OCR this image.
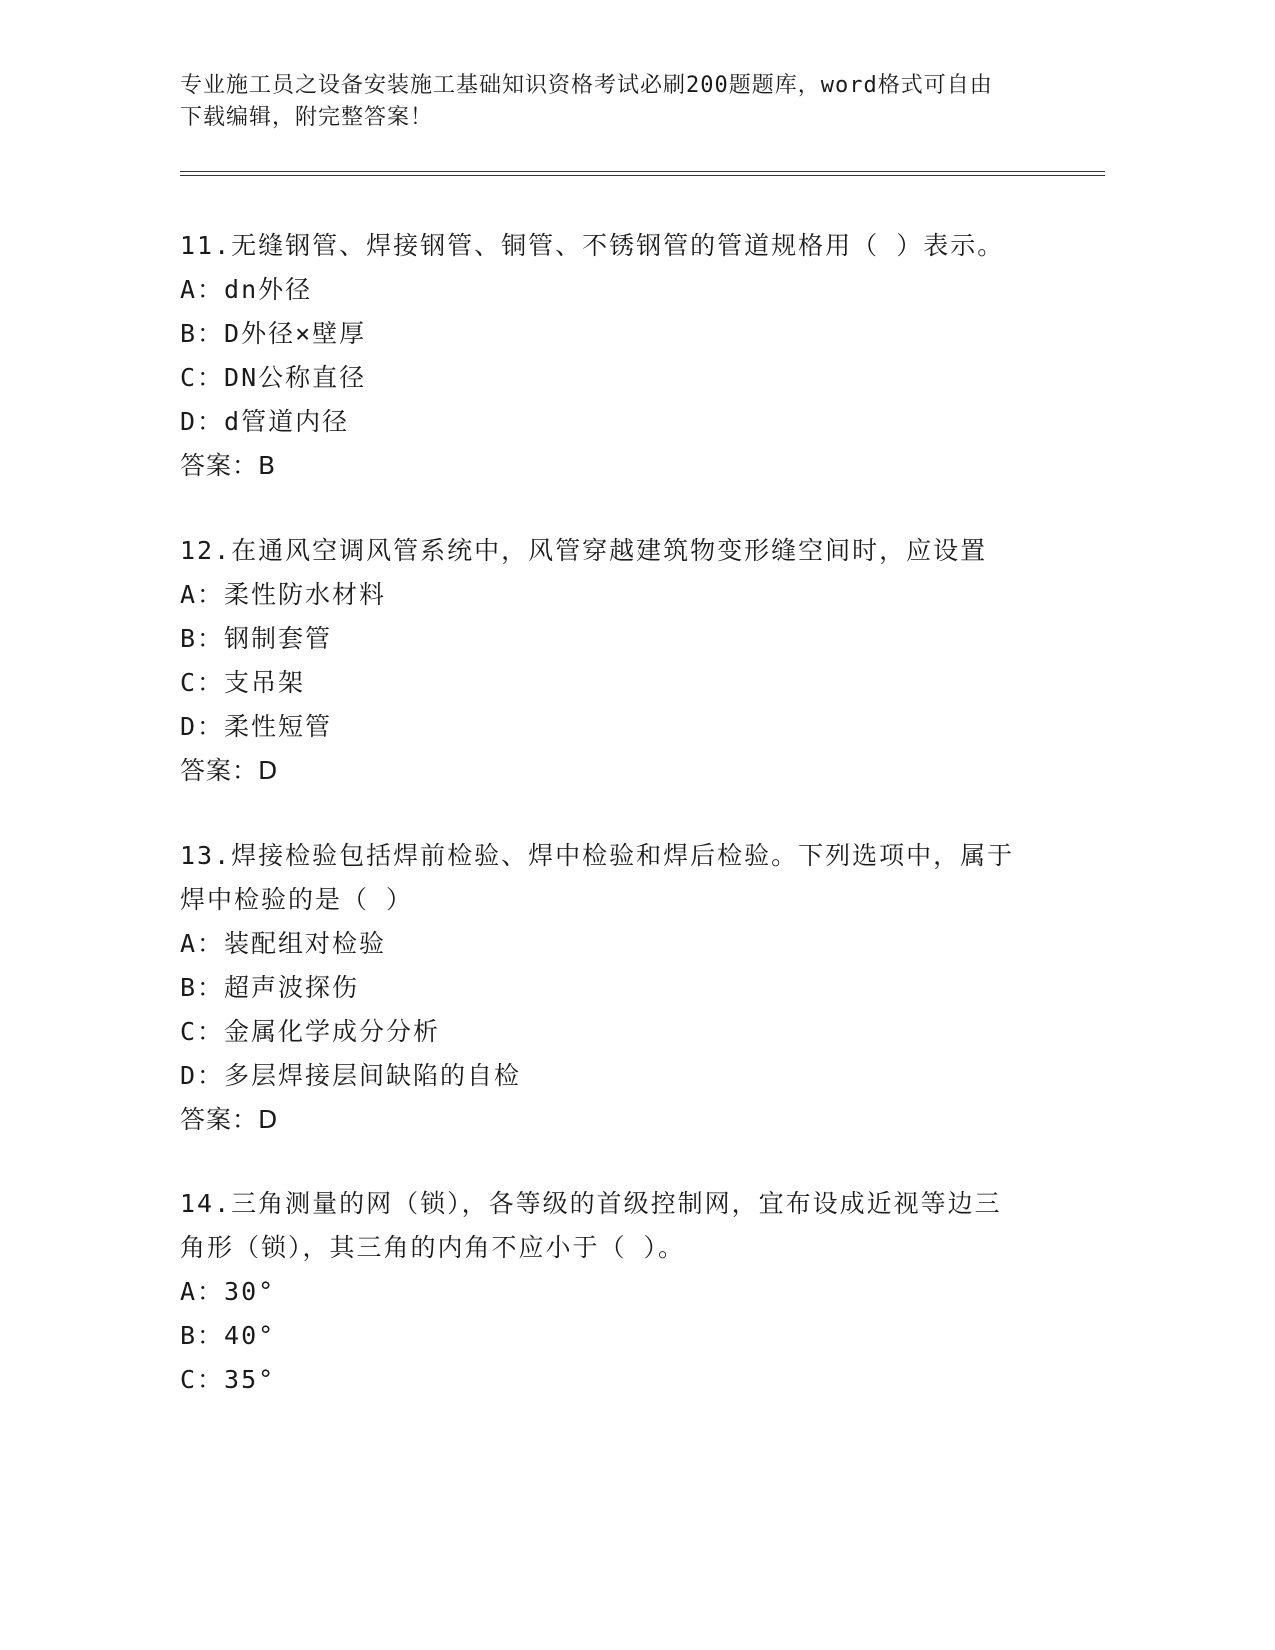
专业施工员之设备安装施工基础知识资格考试必刷200题题库，word格式可自由
下载编辑，附完整答案！

11.无缝钢管、焊接钢管、铜管、不锈钢管的管道规格用（ ）表示。

A：dn外径

B：D外径×壁厚

C：DN公称直径

D：d管道内径

答案：B

12.在通风空调风管系统中，风管穿越建筑物变形缝空间时，应设置

A：柔性防水材料

B：钢制套管

C：支吊架

D：柔性短管

答案：D

13.焊接检验包括焊前检验、焊中检验和焊后检验。下列选项中，属于

焊中检验的是（ ）

A：装配组对检验

B：超声波探伤

C：金属化学成分分析

D：多层焊接层间缺陷的自检

答案：D

14.三角测量的网（锁），各等级的首级控制网，宜布设成近视等边三

角形（锁），其三角的内角不应小于（ ）。

A：30°

B：40°

C：35°
